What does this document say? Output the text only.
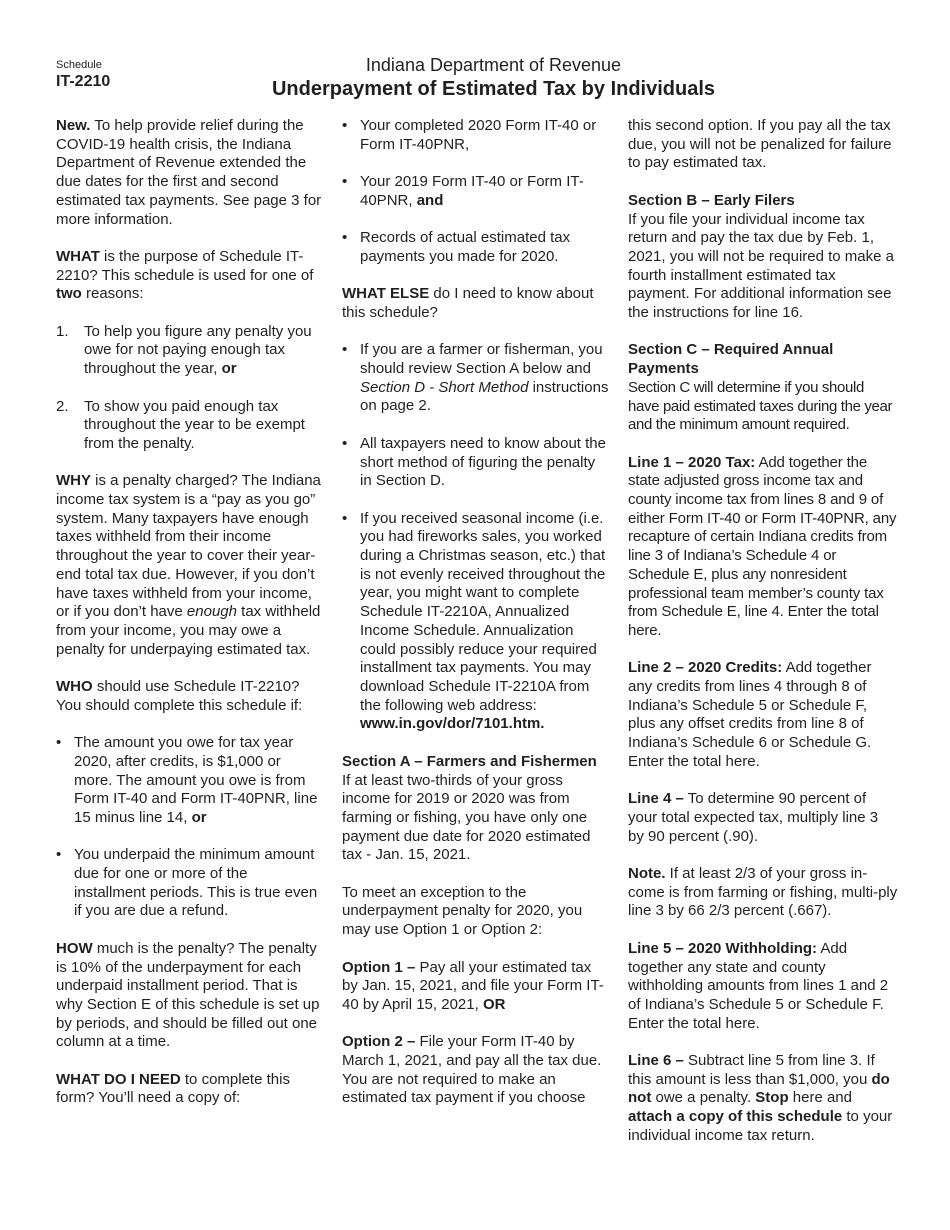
Schedule
IT-2210
Indiana Department of Revenue
Underpayment of Estimated Tax by Individuals

New. To help provide relief during the COVID-19 health crisis, the Indiana Department of Revenue extended the due dates for the first and second estimated tax payments. See page 3 for more information.

WHAT is the purpose of Schedule IT-2210? This schedule is used for one of two reasons:

1. To help you figure any penalty you owe for not paying enough tax throughout the year, or
2. To show you paid enough tax throughout the year to be exempt from the penalty.

WHY is a penalty charged? The Indiana income tax system is a “pay as you go” system. Many taxpayers have enough taxes withheld from their income throughout the year to cover their year-end total tax due. However, if you don’t have taxes withheld from your income, or if you don’t have enough tax withheld from your income, you may owe a penalty for underpaying estimated tax.

WHO should use Schedule IT-2210? You should complete this schedule if:

• The amount you owe for tax year 2020, after credits, is $1,000 or more. The amount you owe is from Form IT-40 and Form IT-40PNR, line 15 minus line 14, or
• You underpaid the minimum amount due for one or more of the installment periods. This is true even if you are due a refund.

HOW much is the penalty? The penalty is 10% of the underpayment for each underpaid installment period. That is why Section E of this schedule is set up by periods, and should be filled out one column at a time.

WHAT DO I NEED to complete this form? You’ll need a copy of:

• Your completed 2020 Form IT-40 or Form IT-40PNR,
• Your 2019 Form IT-40 or Form IT-40PNR, and
• Records of actual estimated tax payments you made for 2020.

WHAT ELSE do I need to know about this schedule?

• If you are a farmer or fisherman, you should review Section A below and Section D - Short Method instructions on page 2.
• All taxpayers need to know about the short method of figuring the penalty in Section D.
• If you received seasonal income (i.e. you had fireworks sales, you worked during a Christmas season, etc.) that is not evenly received throughout the year, you might want to complete Schedule IT-2210A, Annualized Income Schedule. Annualization could possibly reduce your required installment tax payments. You may download Schedule IT-2210A from the following web address: www.in.gov/dor/7101.htm.

Section A – Farmers and Fishermen
If at least two-thirds of your gross income for 2019 or 2020 was from farming or fishing, you have only one payment due date for 2020 estimated tax - Jan. 15, 2021.

To meet an exception to the underpayment penalty for 2020, you may use Option 1 or Option 2:

Option 1 – Pay all your estimated tax by Jan. 15, 2021, and file your Form IT-40 by April 15, 2021, OR

Option 2 – File your Form IT-40 by March 1, 2021, and pay all the tax due. You are not required to make an estimated tax payment if you choose

this second option. If you pay all the tax due, you will not be penalized for failure to pay estimated tax.

Section B – Early Filers
If you file your individual income tax return and pay the tax due by Feb. 1, 2021, you will not be required to make a fourth installment estimated tax payment. For additional information see the instructions for line 16.

Section C – Required Annual Payments
Section C will determine if you should have paid estimated taxes during the year and the minimum amount required.

Line 1 – 2020 Tax: Add together the state adjusted gross income tax and county income tax from lines 8 and 9 of either Form IT-40 or Form IT-40PNR, any recapture of certain Indiana credits from line 3 of Indiana’s Schedule 4 or Schedule E, plus any nonresident professional team member’s county tax from Schedule E, line 4. Enter the total here.

Line 2 – 2020 Credits: Add together any credits from lines 4 through 8 of Indiana’s Schedule 5 or Schedule F, plus any offset credits from line 8 of Indiana’s Schedule 6 or Schedule G. Enter the total here.

Line 4 – To determine 90 percent of your total expected tax, multiply line 3 by 90 percent (.90).

Note. If at least 2/3 of your gross in-come is from farming or fishing, multi-ply line 3 by 66 2/3 percent (.667).

Line 5 – 2020 Withholding: Add together any state and county withholding amounts from lines 1 and 2 of Indiana’s Schedule 5 or Schedule F. Enter the total here.

Line 6 – Subtract line 5 from line 3. If this amount is less than $1,000, you do not owe a penalty. Stop here and attach a copy of this schedule to your individual income tax return.
